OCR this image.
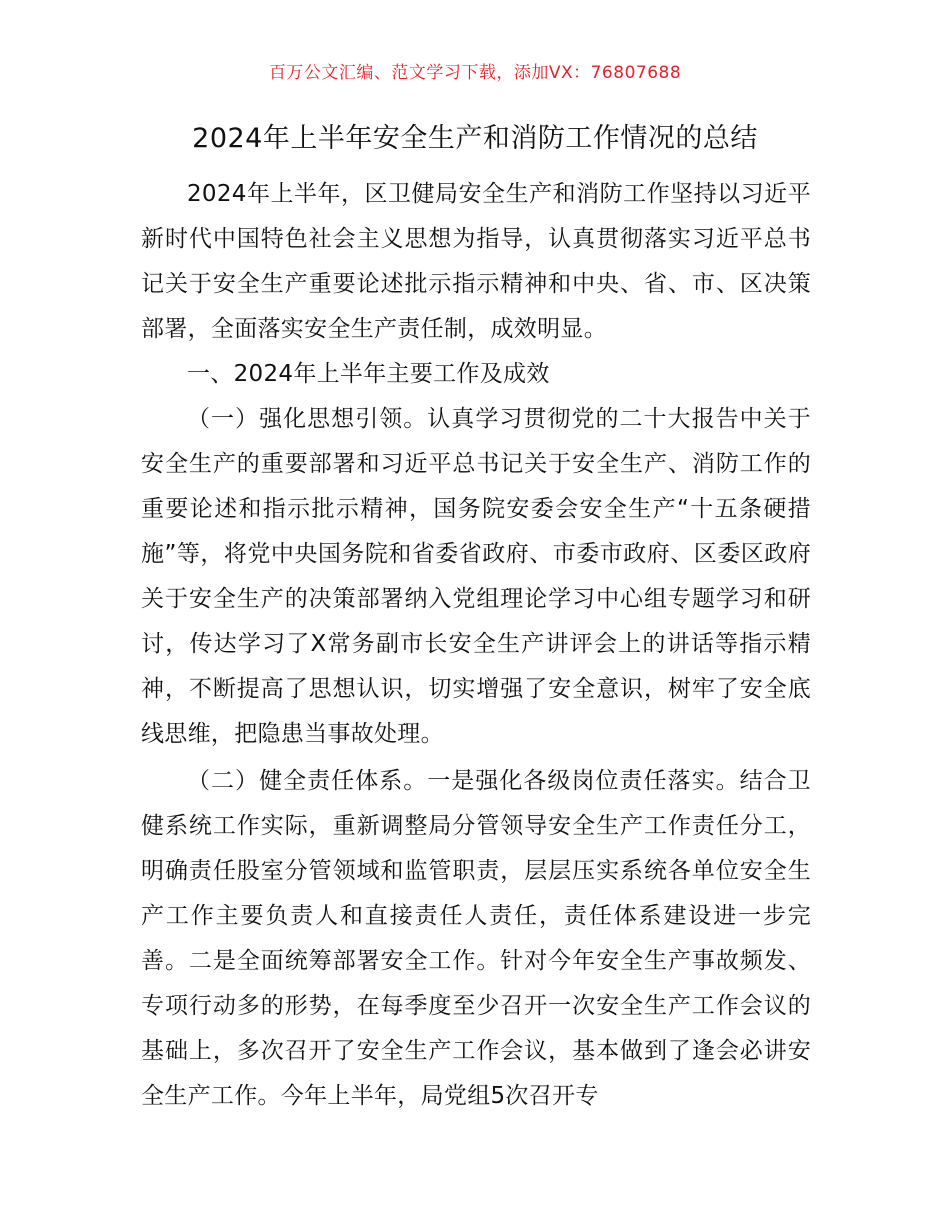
百万公文汇编、范文学习下载，添加VX：76807688
2024年上半年安全生产和消防工作情况的总结

2024年上半年，区卫健局安全生产和消防工作坚持以习近平新时代中国特色社会主义思想为指导，认真贯彻落实习近平总书记关于安全生产重要论述批示指示精神和中央、省、市、区决策部署，全面落实安全生产责任制，成效明显。

一、2024年上半年主要工作及成效

（一）强化思想引领。认真学习贯彻党的二十大报告中关于安全生产的重要部署和习近平总书记关于安全生产、消防工作的重要论述和指示批示精神，国务院安委会安全生产“十五条硬措施”等，将党中央国务院和省委省政府、市委市政府、区委区政府关于安全生产的决策部署纳入党组理论学习中心组专题学习和研讨，传达学习了X常务副市长安全生产讲评会上的讲话等指示精神，不断提高了思想认识，切实增强了安全意识，树牢了安全底线思维，把隐患当事故处理。

（二）健全责任体系。一是强化各级岗位责任落实。结合卫健系统工作实际，重新调整局分管领导安全生产工作责任分工，明确责任股室分管领域和监管职责，层层压实系统各单位安全生产工作主要负责人和直接责任人责任，责任体系建设进一步完善。二是全面统筹部署安全工作。针对今年安全生产事故频发、专项行动多的形势，在每季度至少召开一次安全生产工作会议的基础上，多次召开了安全生产工作会议，基本做到了逢会必讲安全生产工作。今年上半年，局党组5次召开专
